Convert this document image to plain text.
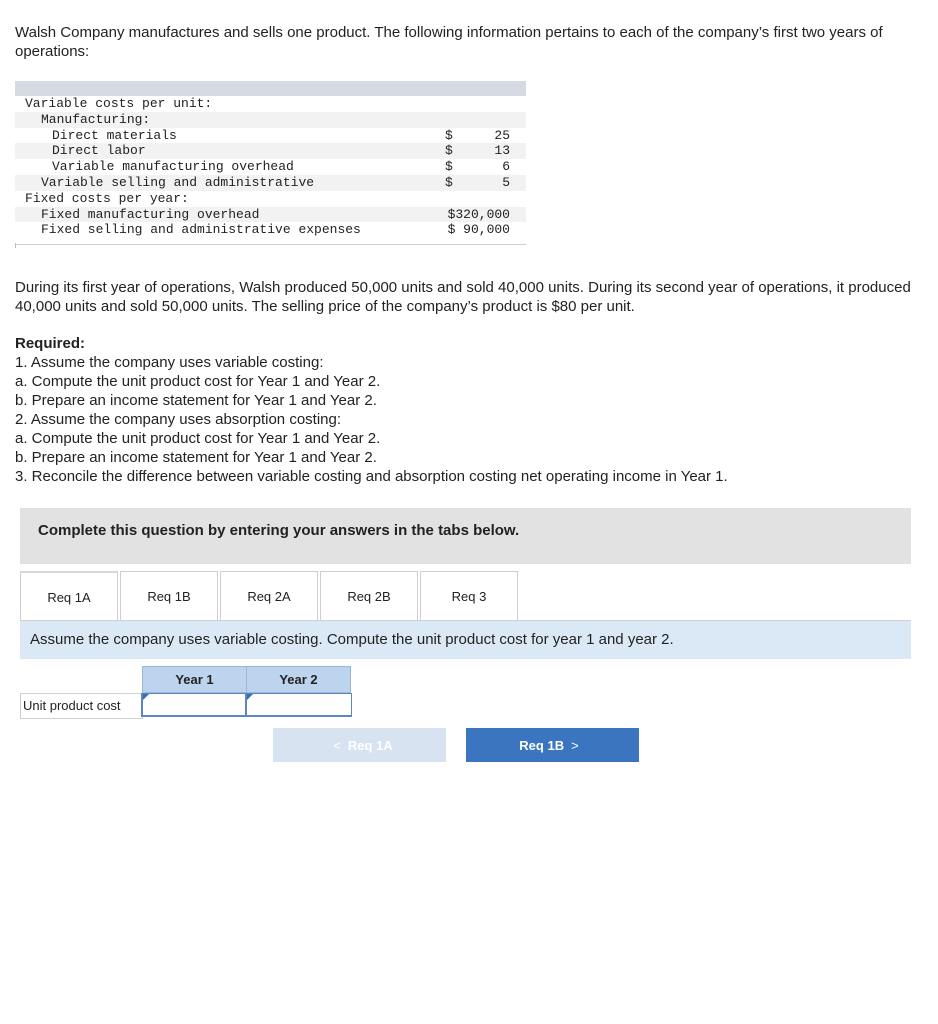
Walsh Company manufactures and sells one product. The following information pertains to each of the company’s first two years of operations:
Variable costs per unit:
Manufacturing:
Direct materials	$	25
Direct labor	$	13
Variable manufacturing overhead	$	6
Variable selling and administrative	$	5
Fixed costs per year:
Fixed manufacturing overhead	$320,000
Fixed selling and administrative expenses	$ 90,000
During its first year of operations, Walsh produced 50,000 units and sold 40,000 units. During its second year of operations, it produced 40,000 units and sold 50,000 units. The selling price of the company’s product is $80 per unit.
Required:
1. Assume the company uses variable costing:
a. Compute the unit product cost for Year 1 and Year 2.
b. Prepare an income statement for Year 1 and Year 2.
2. Assume the company uses absorption costing:
a. Compute the unit product cost for Year 1 and Year 2.
b. Prepare an income statement for Year 1 and Year 2.
3. Reconcile the difference between variable costing and absorption costing net operating income in Year 1.
Complete this question by entering your answers in the tabs below.
Req 1A	Req 1B	Req 2A	Req 2B	Req 3
Assume the company uses variable costing. Compute the unit product cost for year 1 and year 2.
Year 1	Year 2
Unit product cost
< Req 1A	Req 1B >
